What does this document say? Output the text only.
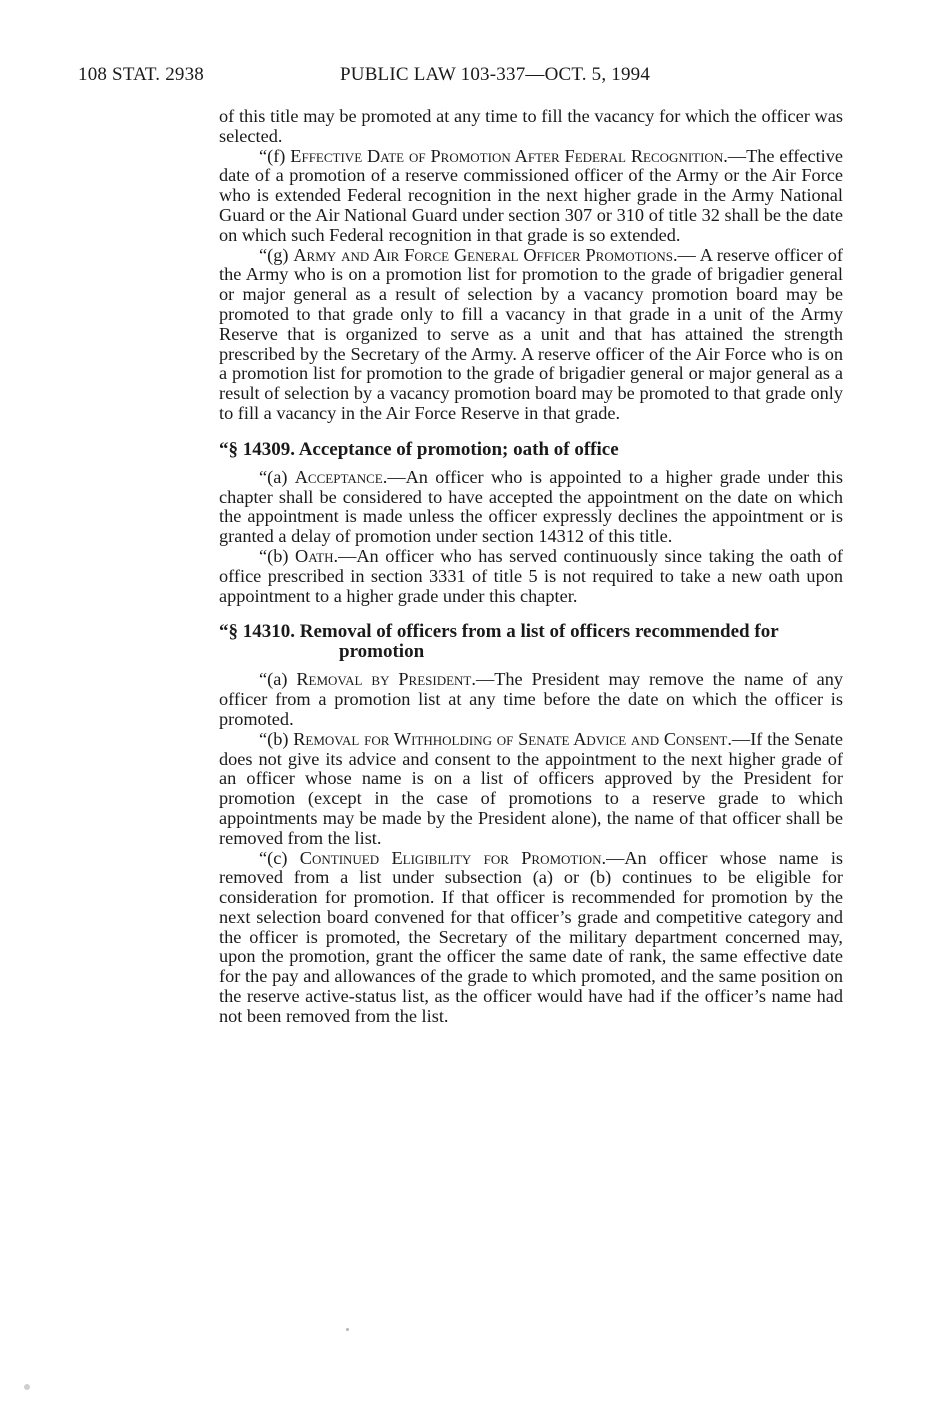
108 STAT. 2938	PUBLIC LAW 103-337—OCT. 5, 1994

of this title may be promoted at any time to fill the vacancy for which the officer was selected.

“(f) Effective Date of Promotion After Federal Recognition.—The effective date of a promotion of a reserve commissioned officer of the Army or the Air Force who is extended Federal recognition in the next higher grade in the Army National Guard or the Air National Guard under section 307 or 310 of title 32 shall be the date on which such Federal recognition in that grade is so extended.

“(g) Army and Air Force General Officer Promotions.— A reserve officer of the Army who is on a promotion list for promotion to the grade of brigadier general or major general as a result of selection by a vacancy promotion board may be promoted to that grade only to fill a vacancy in that grade in a unit of the Army Reserve that is organized to serve as a unit and that has attained the strength prescribed by the Secretary of the Army. A reserve officer of the Air Force who is on a promotion list for promotion to the grade of brigadier general or major general as a result of selection by a vacancy promotion board may be promoted to that grade only to fill a vacancy in the Air Force Reserve in that grade.

“§ 14309. Acceptance of promotion; oath of office

“(a) Acceptance.—An officer who is appointed to a higher grade under this chapter shall be considered to have accepted the appointment on the date on which the appointment is made unless the officer expressly declines the appointment or is granted a delay of promotion under section 14312 of this title.

“(b) Oath.—An officer who has served continuously since taking the oath of office prescribed in section 3331 of title 5 is not required to take a new oath upon appointment to a higher grade under this chapter.

“§ 14310. Removal of officers from a list of officers recommended for promotion

“(a) Removal by President.—The President may remove the name of any officer from a promotion list at any time before the date on which the officer is promoted.

“(b) Removal for Withholding of Senate Advice and Consent.—If the Senate does not give its advice and consent to the appointment to the next higher grade of an officer whose name is on a list of officers approved by the President for promotion (except in the case of promotions to a reserve grade to which appointments may be made by the President alone), the name of that officer shall be removed from the list.

“(c) Continued Eligibility for Promotion.—An officer whose name is removed from a list under subsection (a) or (b) continues to be eligible for consideration for promotion. If that officer is recommended for promotion by the next selection board convened for that officer’s grade and competitive category and the officer is promoted, the Secretary of the military department concerned may, upon the promotion, grant the officer the same date of rank, the same effective date for the pay and allowances of the grade to which promoted, and the same position on the reserve active-status list, as the officer would have had if the officer’s name had not been removed from the list.
